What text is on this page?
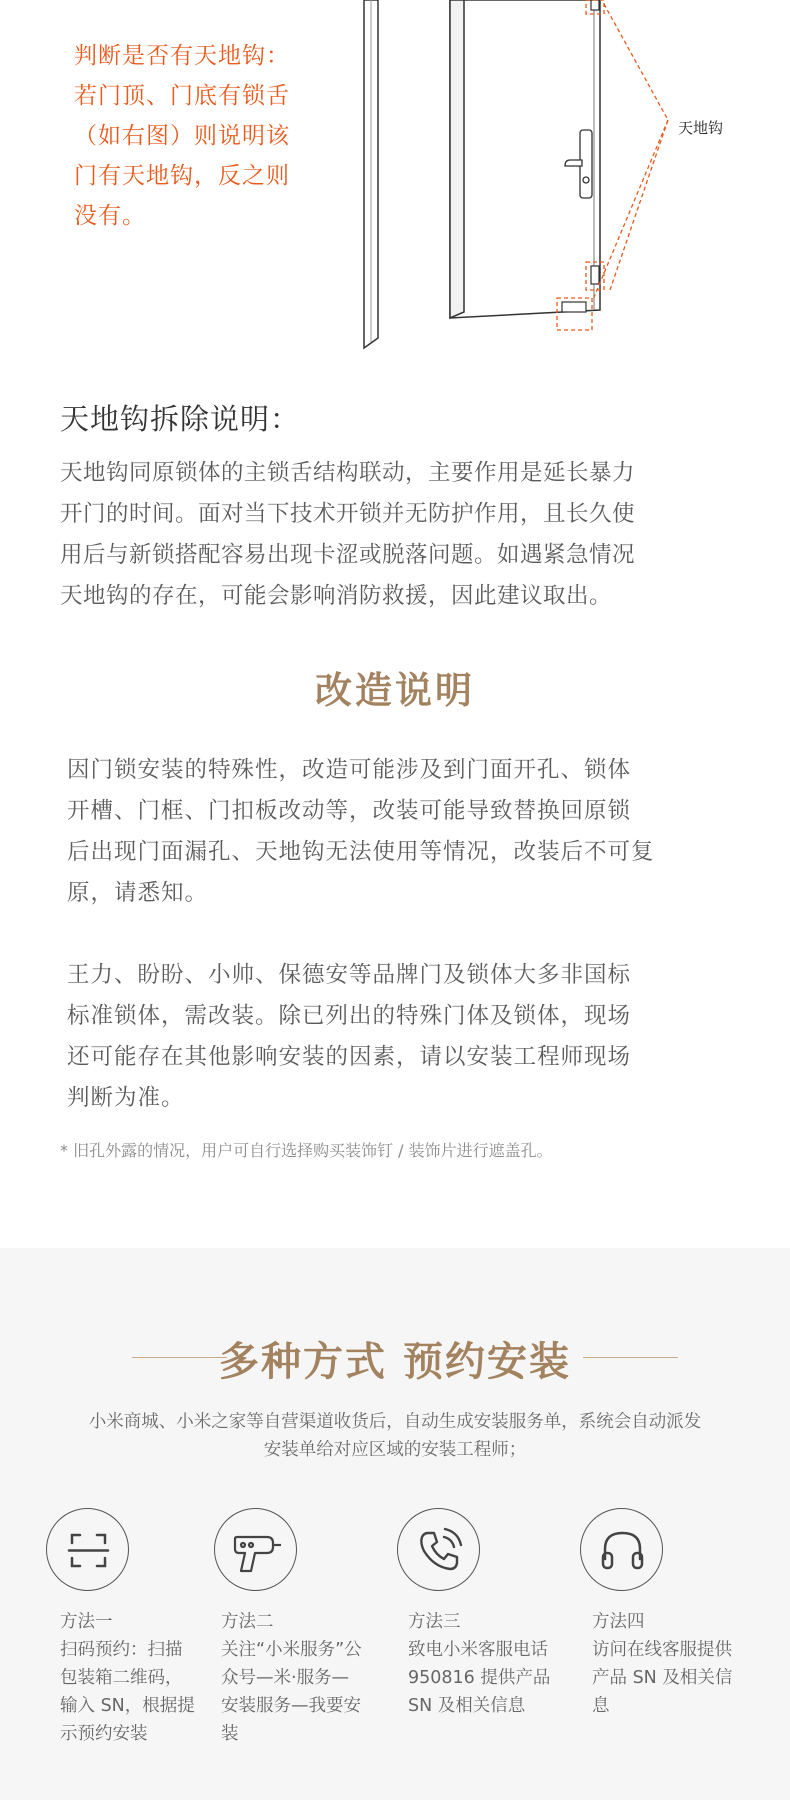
判断是否有天地钩：
若门顶、门底有锁舌
（如右图）则说明该
门有天地钩，反之则
没有。
天地钩
天地钩拆除说明：
天地钩同原锁体的主锁舌结构联动，主要作用是延长暴力
开门的时间。面对当下技术开锁并无防护作用，且长久使
用后与新锁搭配容易出现卡涩或脱落问题。如遇紧急情况
天地钩的存在，可能会影响消防救援，因此建议取出。
改造说明
因门锁安装的特殊性，改造可能涉及到门面开孔、锁体
开槽、门框、门扣板改动等，改装可能导致替换回原锁
后出现门面漏孔、天地钩无法使用等情况，改装后不可复
原，请悉知。
王力、盼盼、小帅、保德安等品牌门及锁体大多非国标
标准锁体，需改装。除已列出的特殊门体及锁体，现场
还可能存在其他影响安装的因素，请以安装工程师现场
判断为准。
* 旧孔外露的情况，用户可自行选择购买装饰钉 / 装饰片进行遮盖孔。
多种方式 预约安装
小米商城、小米之家等自营渠道收货后，自动生成安装服务单，系统会自动派发
安装单给对应区域的安装工程师；
方法一
扫码预约：扫描
包装箱二维码，
输入 SN，根据提
示预约安装
方法二
关注“小米服务”公
众号—米·服务—
安装服务—我要安
装
方法三
致电小米客服电话
950816 提供产品
SN 及相关信息
方法四
访问在线客服提供
产品 SN 及相关信
息
